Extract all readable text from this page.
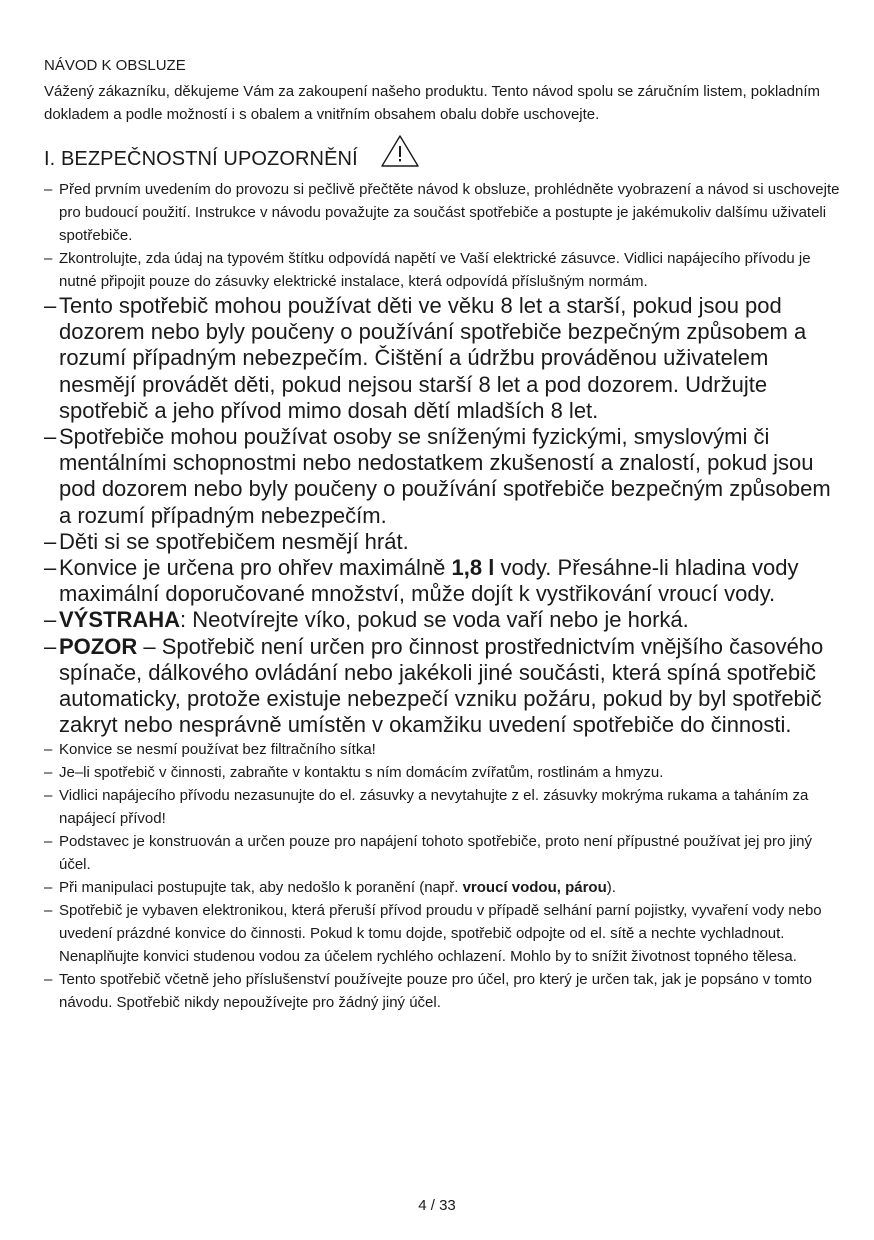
NÁVOD K OBSLUZE

Vážený zákazníku, děkujeme Vám za zakoupení našeho produktu. Tento návod spolu se záručním listem, pokladním dokladem a podle možností i s obalem a vnitřním obsahem obalu dobře uschovejte.

I. BEZPEČNOSTNÍ UPOZORNĚNÍ
– Před prvním uvedením do provozu si pečlivě přečtěte návod k obsluze, prohlédněte vyobrazení a návod si uschovejte pro budoucí použití. Instrukce v návodu považujte za součást spotřebiče a postupte je jakémukoliv dalšímu uživateli spotřebiče.
– Zkontrolujte, zda údaj na typovém štítku odpovídá napětí ve Vaší elektrické zásuvce. Vidlici napájecího přívodu je nutné připojit pouze do zásuvky elektrické instalace, která odpovídá příslušným normám.
– Tento spotřebič mohou používat děti ve věku 8 let a starší, pokud jsou pod dozorem nebo byly poučeny o používání spotřebiče bezpečným způsobem a rozumí případným nebezpečím. Čištění a údržbu prováděnou uživatelem nesmějí provádět děti, pokud nejsou starší 8 let a pod dozorem. Udržujte spotřebič a jeho přívod mimo dosah dětí mladších 8 let.
– Spotřebiče mohou používat osoby se sníženými fyzickými, smyslovými či mentálními schopnostmi nebo nedostatkem zkušeností a znalostí, pokud jsou pod dozorem nebo byly poučeny o používání spotřebiče bezpečným způsobem a rozumí případným nebezpečím.
– Děti si se spotřebičem nesmějí hrát.
– Konvice je určena pro ohřev maximálně 1,8 l vody. Přesáhne-li hladina vody maximální doporučované množství, může dojít k vystřikování vroucí vody.
– VÝSTRAHA: Neotvírejte víko, pokud se voda vaří nebo je horká.
– POZOR – Spotřebič není určen pro činnost prostřednictvím vnějšího časového spínače, dálkového ovládání nebo jakékoli jiné součásti, která spíná spotřebič automaticky, protože existuje nebezpečí vzniku požáru, pokud by byl spotřebič zakryt nebo nesprávně umístěn v okamžiku uvedení spotřebiče do činnosti.
– Konvice se nesmí používat bez filtračního sítka!
– Je–li spotřebič v činnosti, zabraňte v kontaktu s ním domácím zvířatům, rostlinám a hmyzu.
– Vidlici napájecího přívodu nezasunujte do el. zásuvky a nevytahujte z el. zásuvky mokrýma rukama a taháním za napájecí přívod!
– Podstavec je konstruován a určen pouze pro napájení tohoto spotřebiče, proto není přípustné používat jej pro jiný účel.
– Při manipulaci postupujte tak, aby nedošlo k poranění (např. vroucí vodou, párou).
– Spotřebič je vybaven elektronikou, která přeruší přívod proudu v případě selhání parní pojistky, vyvaření vody nebo uvedení prázdné konvice do činnosti. Pokud k tomu dojde, spotřebič odpojte od el. sítě a nechte vychladnout. Nenaplňujte konvici studenou vodou za účelem rychlého ochlazení. Mohlo by to snížit životnost topného tělesa.
– Tento spotřebič včetně jeho příslušenství používejte pouze pro účel, pro který je určen tak, jak je popsáno v tomto návodu. Spotřebič nikdy nepoužívejte pro žádný jiný účel.
4 / 33
